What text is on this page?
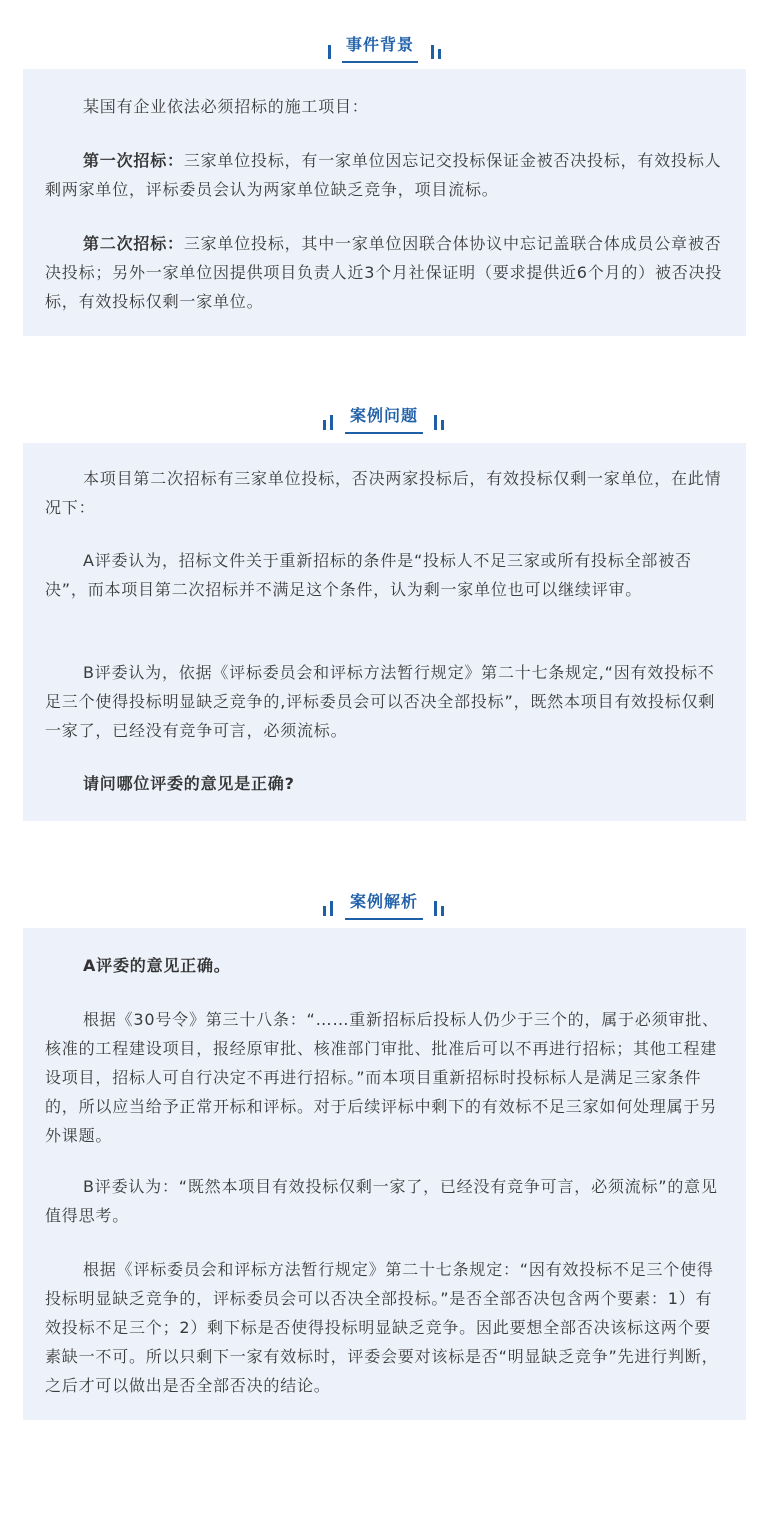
事件背景

某国有企业依法必须招标的施工项目：

第一次招标：三家单位投标，有一家单位因忘记交投标保证金被否决投标，有效投标人剩两家单位，评标委员会认为两家单位缺乏竞争，项目流标。

第二次招标：三家单位投标，其中一家单位因联合体协议中忘记盖联合体成员公章被否决投标；另外一家单位因提供项目负责人近3个月社保证明（要求提供近6个月的）被否决投标，有效投标仅剩一家单位。

案例问题

本项目第二次招标有三家单位投标，否决两家投标后，有效投标仅剩一家单位，在此情况下：

A评委认为，招标文件关于重新招标的条件是“投标人不足三家或所有投标全部被否决”，而本项目第二次招标并不满足这个条件，认为剩一家单位也可以继续评审。

B评委认为，依据《评标委员会和评标方法暂行规定》第二十七条规定,“因有效投标不足三个使得投标明显缺乏竞争的,评标委员会可以否决全部投标”，既然本项目有效投标仅剩一家了，已经没有竞争可言，必须流标。

请问哪位评委的意见是正确?

案例解析

A评委的意见正确。

根据《30号令》第三十八条：“……重新招标后投标人仍少于三个的，属于必须审批、核准的工程建设项目，报经原审批、核准部门审批、批准后可以不再进行招标；其他工程建设项目，招标人可自行决定不再进行招标。”而本项目重新招标时投标标人是满足三家条件的，所以应当给予正常开标和评标。对于后续评标中剩下的有效标不足三家如何处理属于另外课题。

B评委认为：“既然本项目有效投标仅剩一家了，已经没有竞争可言，必须流标”的意见值得思考。

根据《评标委员会和评标方法暂行规定》第二十七条规定：“因有效投标不足三个使得投标明显缺乏竞争的，评标委员会可以否决全部投标。”是否全部否决包含两个要素：1）有效投标不足三个；2）剩下标是否使得投标明显缺乏竞争。因此要想全部否决该标这两个要素缺一不可。所以只剩下一家有效标时，评委会要对该标是否“明显缺乏竞争”先进行判断，之后才可以做出是否全部否决的结论。
